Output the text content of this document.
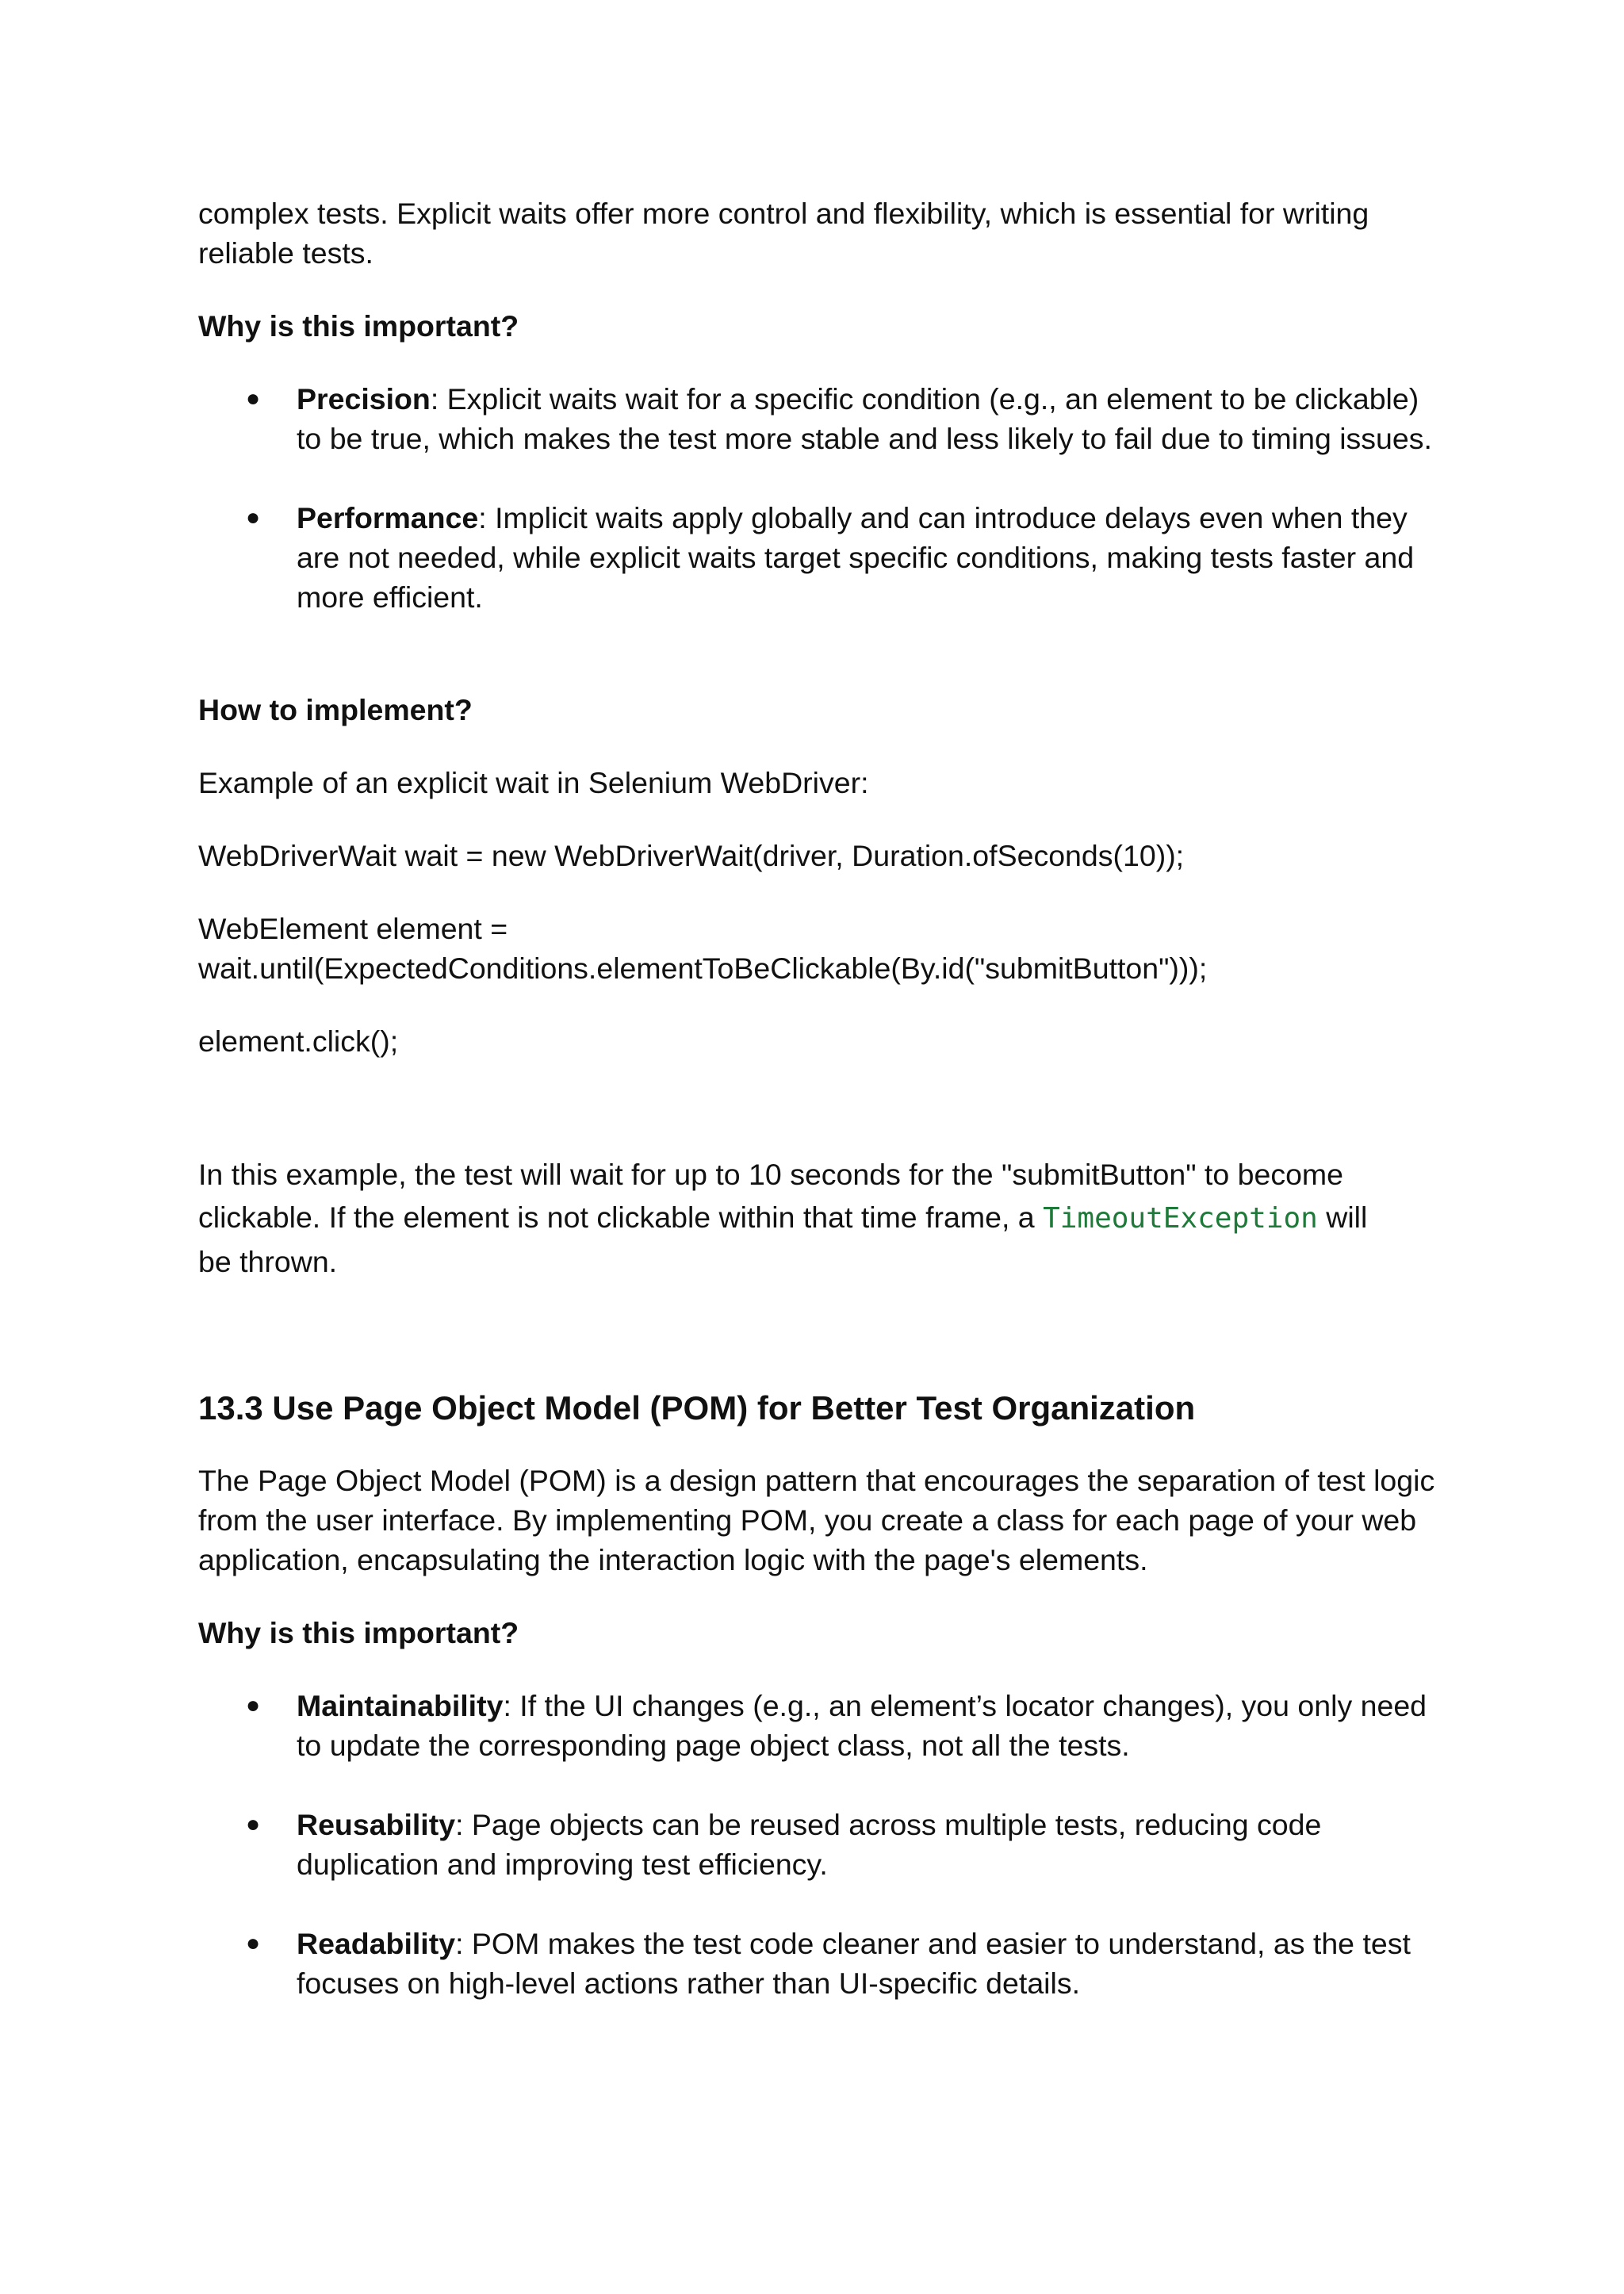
complex tests. Explicit waits offer more control and flexibility, which is essential for writing

reliable tests.

Why is this important?

● Precision: Explicit waits wait for a specific condition (e.g., an element to be clickable) to be true, which makes the test more stable and less likely to fail due to timing issues.
● Performance: Implicit waits apply globally and can introduce delays even when they are not needed, while explicit waits target specific conditions, making tests faster and more efficient.

How to implement?

Example of an explicit wait in Selenium WebDriver:

WebDriverWait wait = new WebDriverWait(driver, Duration.ofSeconds(10));

WebElement element =

wait.until(ExpectedConditions.elementToBeClickable(By.id("submitButton")));

element.click();

In this example, the test will wait for up to 10 seconds for the "submitButton" to become

clickable. If the element is not clickable within that time frame, a TimeoutException will

be thrown.

13.3 Use Page Object Model (POM) for Better Test Organization

The Page Object Model (POM) is a design pattern that encourages the separation of test logic from the user interface. By implementing POM, you create a class for each page of your web application, encapsulating the interaction logic with the page's elements.

Why is this important?

● Maintainability: If the UI changes (e.g., an element’s locator changes), you only need to update the corresponding page object class, not all the tests.
● Reusability: Page objects can be reused across multiple tests, reducing code duplication and improving test efficiency.
● Readability: POM makes the test code cleaner and easier to understand, as the test focuses on high-level actions rather than UI-specific details.
